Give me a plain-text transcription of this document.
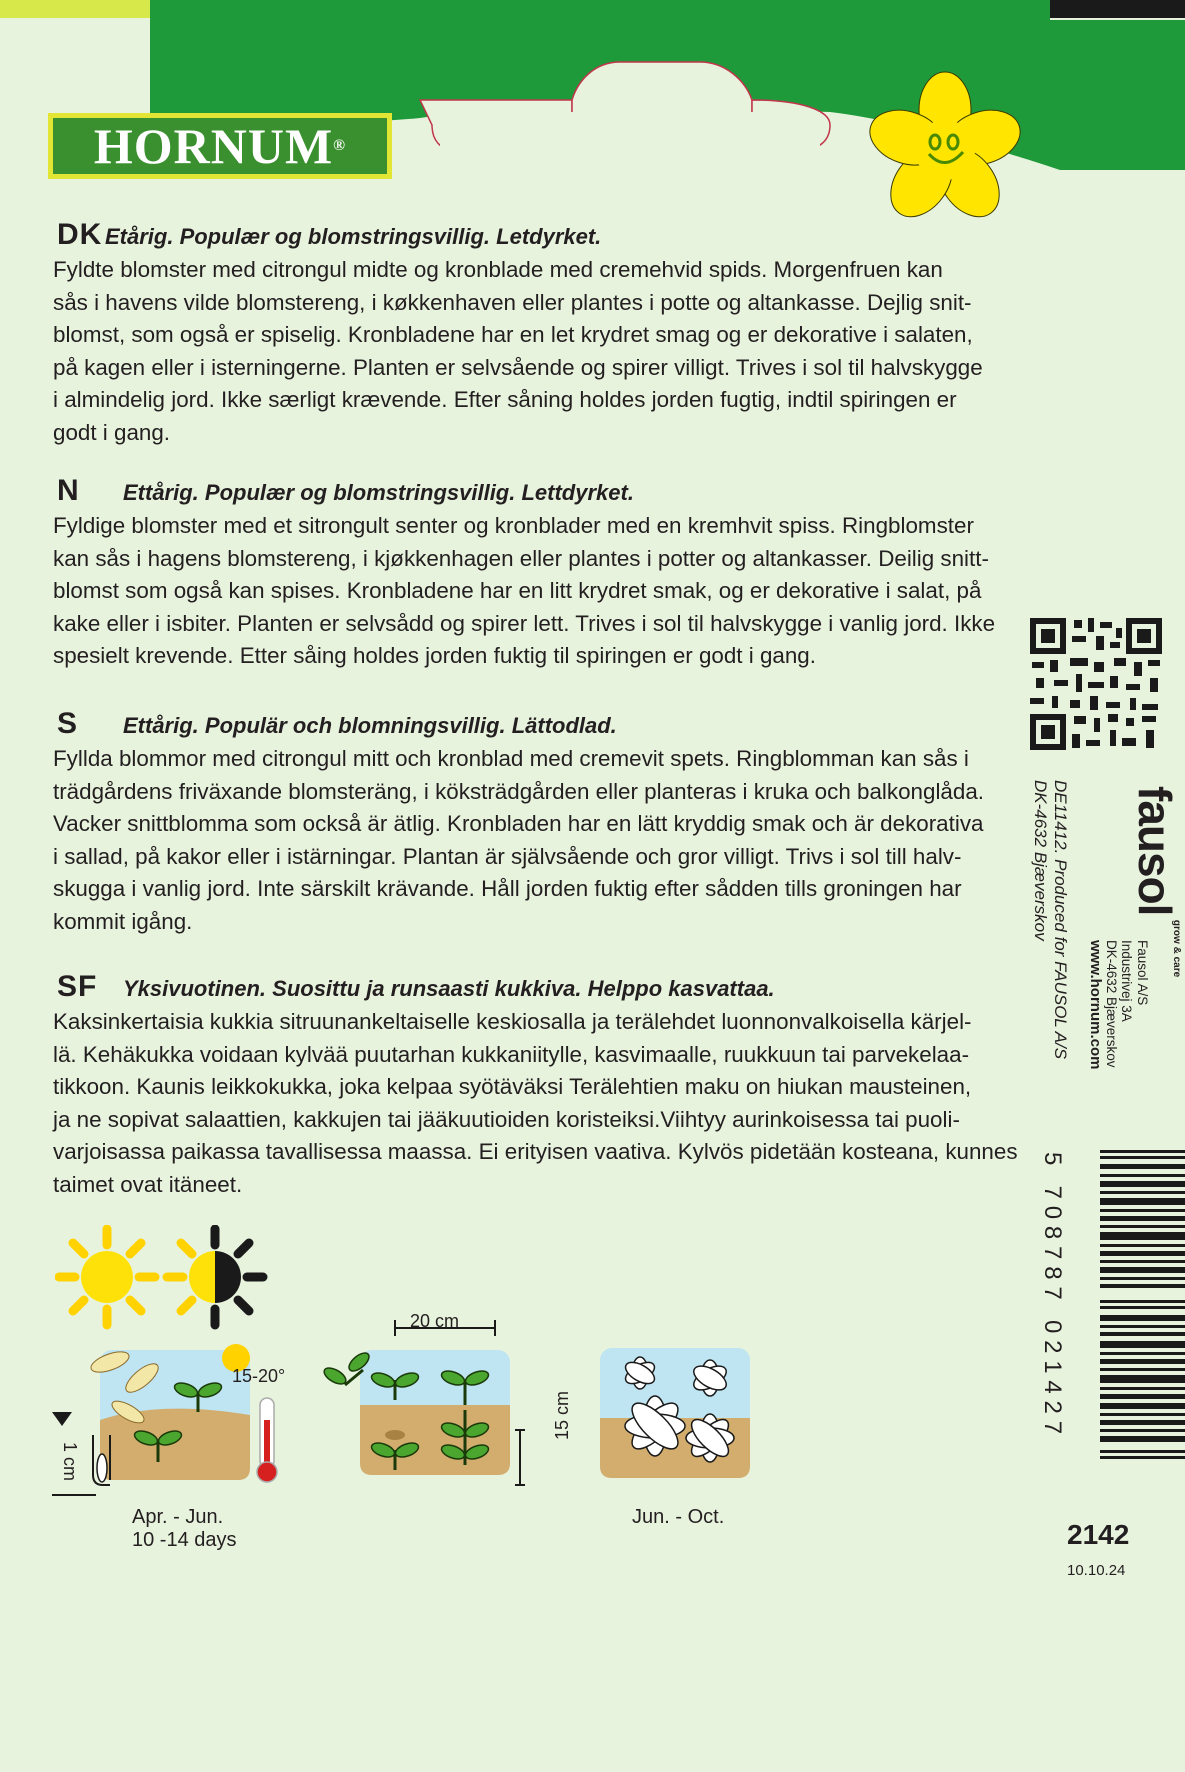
HORNUM®
DK Etårig. Populær og blomstringsvillig. Letdyrket.
Fyldte blomster med citrongul midte og kronblade med cremehvid spids. Morgenfruen kan
sås i havens vilde blomstereng, i køkkenhaven eller plantes i potte og altankasse. Dejlig snit-
blomst, som også er spiselig. Kronbladene har en let krydret smag og er dekorative i salaten,
på kagen eller i isterningerne. Planten er selvsående og spirer villigt. Trives i sol til halvskygge
i almindelig jord. Ikke særligt krævende. Efter såning holdes jorden fugtig, indtil spiringen er
godt i gang.
N	Ettårig. Populær og blomstringsvillig. Lettdyrket.
Fyldige blomster med et sitrongult senter og kronblader med en kremhvit spiss. Ringblomster
kan sås i hagens blomstereng, i kjøkkenhagen eller plantes i potter og altankasser. Deilig snitt-
blomst som også kan spises. Kronbladene har en litt krydret smak, og er dekorative i salat, på
kake eller i isbiter. Planten er selvsådd og spirer lett. Trives i sol til halvskygge i vanlig jord. Ikke
spesielt krevende. Etter såing holdes jorden fuktig til spiringen er godt i gang.
S	Ettårig. Populär och blomningsvillig. Lättodlad.
Fyllda blommor med citrongul mitt och kronblad med cremevit spets. Ringblomman kan sås i
trädgårdens friväxande blomsteräng, i köksträdgården eller planteras i kruka och balkonglåda.
Vacker snittblomma som också är ätlig. Kronbladen har en lätt kryddig smak och är dekorativa
i sallad, på kakor eller i istärningar. Plantan är självsående och gror villigt. Trivs i sol till halv-
skugga i vanlig jord. Inte särskilt krävande. Håll jorden fuktig efter sådden tills groningen har
kommit igång.
SF	Yksivuotinen. Suosittu ja runsaasti kukkiva. Helppo kasvattaa.
Kaksinkertaisia kukkia sitruunankeltaiselle keskiosalla ja terälehdet luonnonvalkoisella kärjel-
lä. Kehäkukka voidaan kylvää puutarhan kukkaniitylle, kasvimaalle, ruukkuun tai parvekelaa-
tikkoon. Kaunis leikkokukka, joka kelpaa syötäväksi Terälehtien maku on hiukan mausteinen,
ja ne sopivat salaattien, kakkujen tai jääkuutioiden koristeiksi.Viihtyy aurinkoisessa tai puoli-
varjoisassa paikassa tavallisessa maassa. Ei erityisen vaativa. Kylvös pidetään kosteana, kunnes
taimet ovat itäneet.
15-20°
1 cm
Apr. - Jun.
10 -14 days
20 cm
15 cm
Jun. - Oct.
DE11412. Produced for FAUSOL A/S
DK-4632 Bjæverskov fausol $^{grow \& care}$
Fausol A/S
Industrivej 3A
DK-4632 Bjæverskov
www.hornum.com
5 708787 021427
2142
10.10.24
